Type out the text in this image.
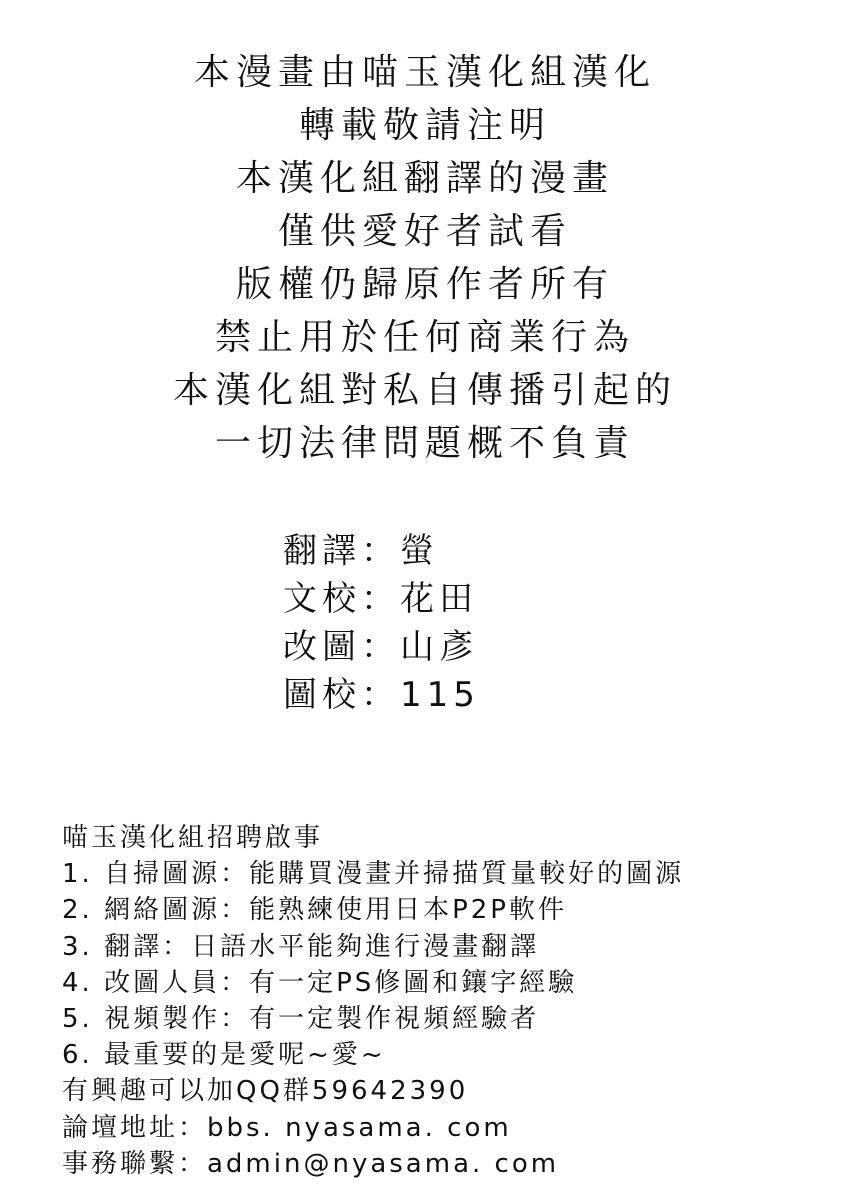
本漫畫由喵玉漢化組漢化
轉載敬請注明
本漢化組翻譯的漫畫
僅供愛好者試看
版權仍歸原作者所有
禁止用於任何商業行為
本漢化組對私自傳播引起的
一切法律問題概不負責
翻譯：螢
文校：花田
改圖：山彥
圖校：115
喵玉漢化組招聘啟事
1. 自掃圖源：能購買漫畫并掃描質量較好的圖源
2. 網絡圖源：能熟練使用日本P2P軟件
3. 翻譯：日語水平能夠進行漫畫翻譯
4. 改圖人員：有一定PS修圖和鑲字經驗
5. 視頻製作：有一定製作視頻經驗者
6. 最重要的是愛呢~愛~
有興趣可以加QQ群59642390
論壇地址：bbs. nyasama. com
事務聯繫：admin@nyasama. com
